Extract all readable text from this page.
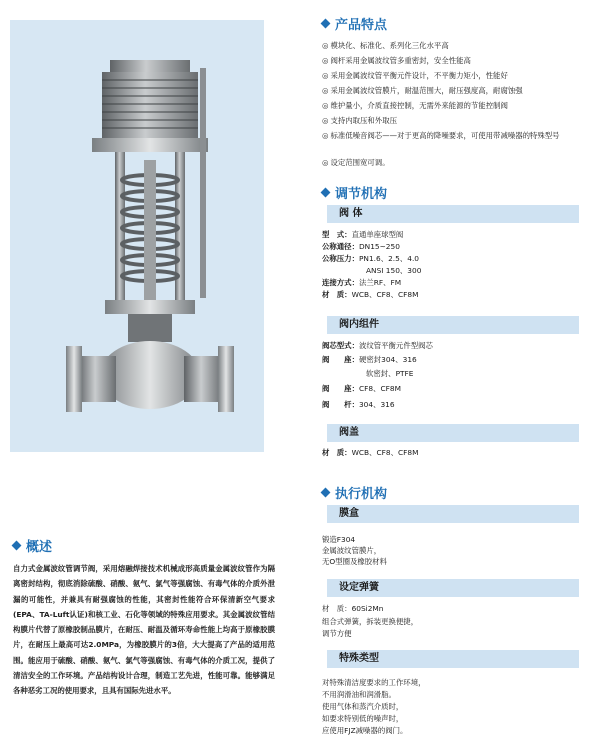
产品特点
◎ 模块化、标准化、系列化三化水平高
◎ 阀杆采用金属波纹管多重密封，安全性能高
◎ 采用金属波纹管平衡元件设计，不平衡力矩小，性能好
◎ 采用金属波纹管膜片，耐温范围大，耐压强度高，耐腐蚀强
◎ 维护量小，介质直接控制，无需外来能源的节能控制阀
◎ 支持内取压和外取压
◎ 标准低噪音阀芯——对于更高的降噪要求，可使用带减噪器的特殊型号
◎ 设定范围宽可调。
调节机构
阀 体
型　式：直通单座球型阀
公称通径：DN15~250
公称压力：PN1.6、2.5、4.0
ANSI 150、300
连接方式：法兰RF、FM
材　质：WCB、CF8、CF8M
阀内组件
阀芯型式：波纹管平衡元件型阀芯
阀　　座：硬密封304、316
软密封、PTFE
阀　　座：CF8、CF8M
阀　　杆：304、316
阀盖
材　质：WCB、CF8、CF8M
执行机构
膜盒
锻造F304
金属波纹管膜片，
无O型圈及橡胶材料
设定弹簧
材　质：60Si2Mn
组合式弹簧，拆装更换便捷，
调节方便
特殊类型
对特殊清洁度要求的工作环境，
不用润滑油和润滑脂。
使用气体和蒸汽介质时，
如要求特别低的噪声时，
应使用FJZ减噪器的阀门。
概述

自力式金属波纹管调节阀，采用熔融焊接技术机械成形高质量金属波纹管作为隔离密封结构，彻底消除硫酸、硝酸、氨气、氯气等强腐蚀、有毒气体的介质外泄漏的可能性，并兼具有耐强腐蚀的性能，其密封性能符合环保清新空气要求(EPA、TA-Luft认证)和核工业、石化等领域的特殊应用要求。其金属波纹管结构膜片代替了原橡胶制品膜片，在耐压、耐温及循环寿命性能上均高于原橡胶膜片，在耐压上最高可达2.0MPa，为橡胶膜片的3倍，大大提高了产品的适用范围。能应用于硫酸、硝酸、氨气、氯气等强腐蚀、有毒气体的介质工况，提供了清洁安全的工作环境。产品结构设计合理，制造工艺先进，性能可靠。能够满足各种恶劣工况的使用要求，且具有国际先进水平。
